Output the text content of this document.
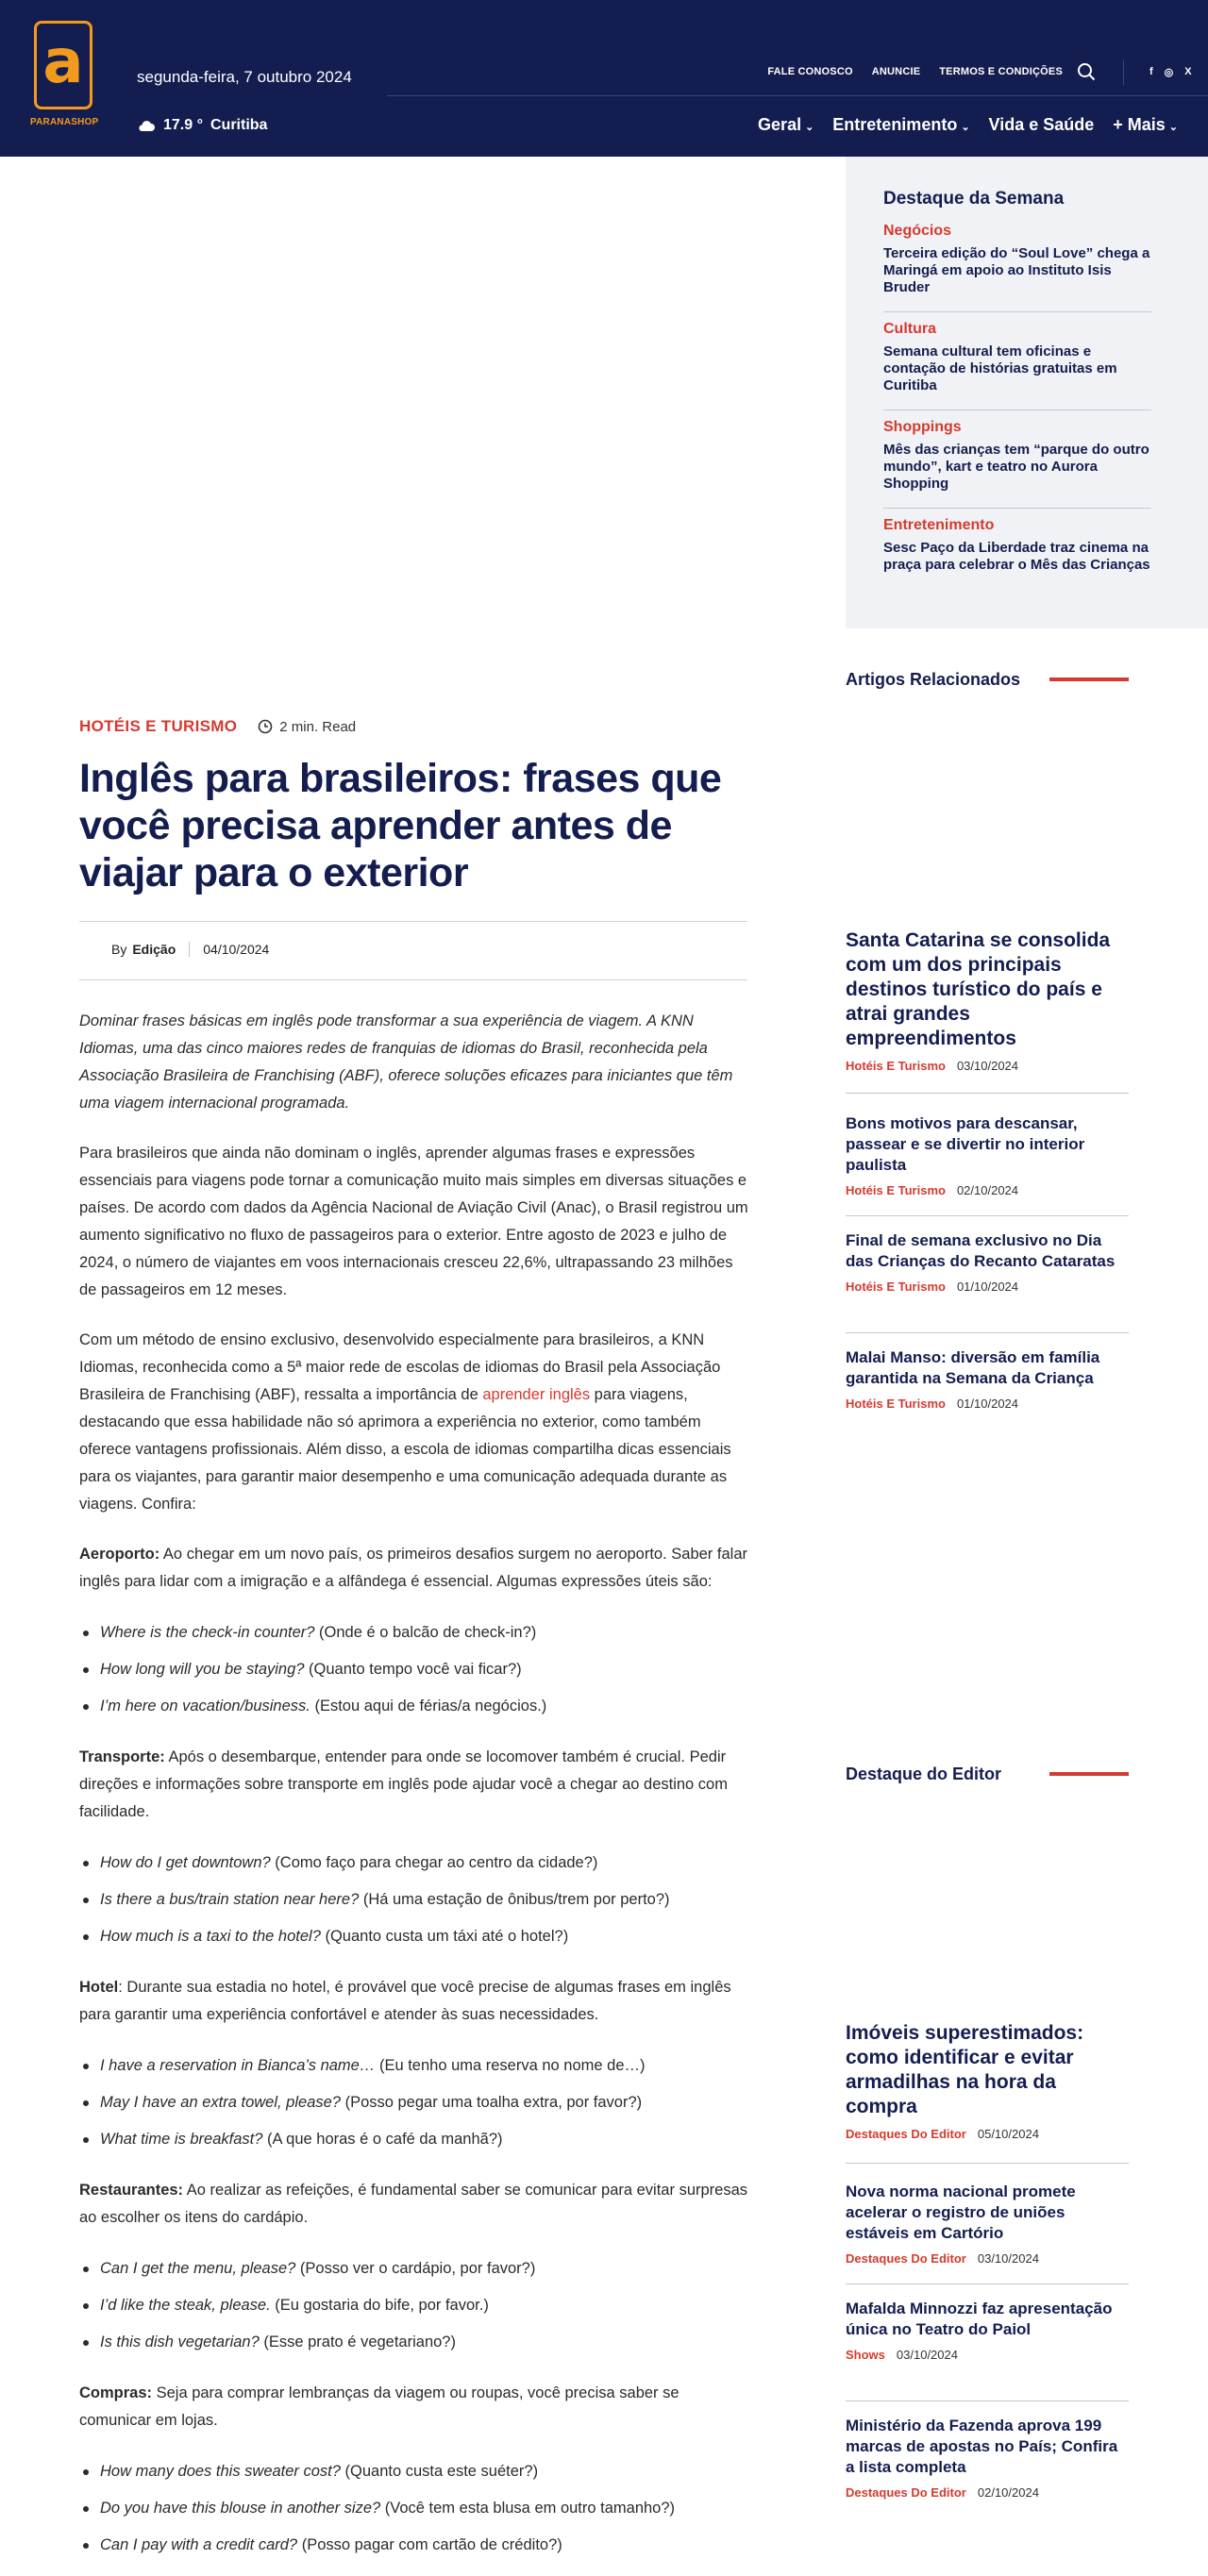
a
PARANASHOP
segunda-feira, 7 outubro 2024
17.9 ° Curitiba
FALE CONOSCO ANUNCIE TERMOS E CONDIÇÕES	f ◎ X
Geral ⌄ Entretenimento ⌄ Vida e Saúde + Mais ⌄
Destaque da Semana
Negócios
Terceira edição do “Soul Love” chega a Maringá em apoio ao Instituto Isis Bruder
Cultura
Semana cultural tem oficinas e contação de histórias gratuitas em Curitiba
Shoppings
Mês das crianças tem “parque do outro mundo”, kart e teatro no Aurora Shopping
Entretenimento
Sesc Paço da Liberdade traz cinema na praça para celebrar o Mês das Crianças
HOTÉIS E TURISMO	2 min. Read
Inglês para brasileiros: frases que você precisa aprender antes de viajar para o exterior
By Edição 04/10/2024

Dominar frases básicas em inglês pode transformar a sua experiência de viagem. A KNN Idiomas, uma das cinco maiores redes de franquias de idiomas do Brasil, reconhecida pela Associação Brasileira de Franchising (ABF), oferece soluções eficazes para iniciantes que têm uma viagem internacional programada.

Para brasileiros que ainda não dominam o inglês, aprender algumas frases e expressões essenciais para viagens pode tornar a comunicação muito mais simples em diversas situações e países. De acordo com dados da Agência Nacional de Aviação Civil (Anac), o Brasil registrou um aumento significativo no fluxo de passageiros para o exterior. Entre agosto de 2023 e julho de 2024, o número de viajantes em voos internacionais cresceu 22,6%, ultrapassando 23 milhões de passageiros em 12 meses.

Com um método de ensino exclusivo, desenvolvido especialmente para brasileiros, a KNN Idiomas, reconhecida como a 5ª maior rede de escolas de idiomas do Brasil pela Associação Brasileira de Franchising (ABF), ressalta a importância de aprender inglês para viagens, destacando que essa habilidade não só aprimora a experiência no exterior, como também oferece vantagens profissionais. Além disso, a escola de idiomas compartilha dicas essenciais para os viajantes, para garantir maior desempenho e uma comunicação adequada durante as viagens. Confira:

Aeroporto: Ao chegar em um novo país, os primeiros desafios surgem no aeroporto. Saber falar inglês para lidar com a imigração e a alfândega é essencial. Algumas expressões úteis são:

Where is the check-in counter? (Onde é o balcão de check-in?)
How long will you be staying? (Quanto tempo você vai ficar?)
I’m here on vacation/business. (Estou aqui de férias/a negócios.)

Transporte: Após o desembarque, entender para onde se locomover também é crucial. Pedir direções e informações sobre transporte em inglês pode ajudar você a chegar ao destino com facilidade.

How do I get downtown? (Como faço para chegar ao centro da cidade?)
Is there a bus/train station near here? (Há uma estação de ônibus/trem por perto?)
How much is a taxi to the hotel? (Quanto custa um táxi até o hotel?)

Hotel: Durante sua estadia no hotel, é provável que você precise de algumas frases em inglês para garantir uma experiência confortável e atender às suas necessidades.

I have a reservation in Bianca’s name… (Eu tenho uma reserva no nome de…)
May I have an extra towel, please? (Posso pegar uma toalha extra, por favor?)
What time is breakfast? (A que horas é o café da manhã?)

Restaurantes: Ao realizar as refeições, é fundamental saber se comunicar para evitar surpresas ao escolher os itens do cardápio.

Can I get the menu, please? (Posso ver o cardápio, por favor?)
I’d like the steak, please. (Eu gostaria do bife, por favor.)
Is this dish vegetarian? (Esse prato é vegetariano?)

Compras: Seja para comprar lembranças da viagem ou roupas, você precisa saber se comunicar em lojas.

How many does this sweater cost? (Quanto custa este suéter?)
Do you have this blouse in another size? (Você tem esta blusa em outro tamanho?)
Can I pay with a credit card? (Posso pagar com cartão de crédito?)
Artigos Relacionados
Santa Catarina se consolida com um dos principais destinos turístico do país e atrai grandes empreendimentos
Hotéis E Turismo 03/10/2024
Bons motivos para descansar, passear e se divertir no interior paulista
Hotéis E Turismo 02/10/2024
Final de semana exclusivo no Dia das Crianças do Recanto Cataratas
Hotéis E Turismo 01/10/2024
Malai Manso: diversão em família garantida na Semana da Criança
Hotéis E Turismo 01/10/2024
Destaque do Editor
Imóveis superestimados: como identificar e evitar armadilhas na hora da compra
Destaques Do Editor 05/10/2024
Nova norma nacional promete acelerar o registro de uniões estáveis em Cartório
Destaques Do Editor 03/10/2024
Mafalda Minnozzi faz apresentação única no Teatro do Paiol
Shows 03/10/2024
Ministério da Fazenda aprova 199 marcas de apostas no País; Confira a lista completa
Destaques Do Editor 02/10/2024
